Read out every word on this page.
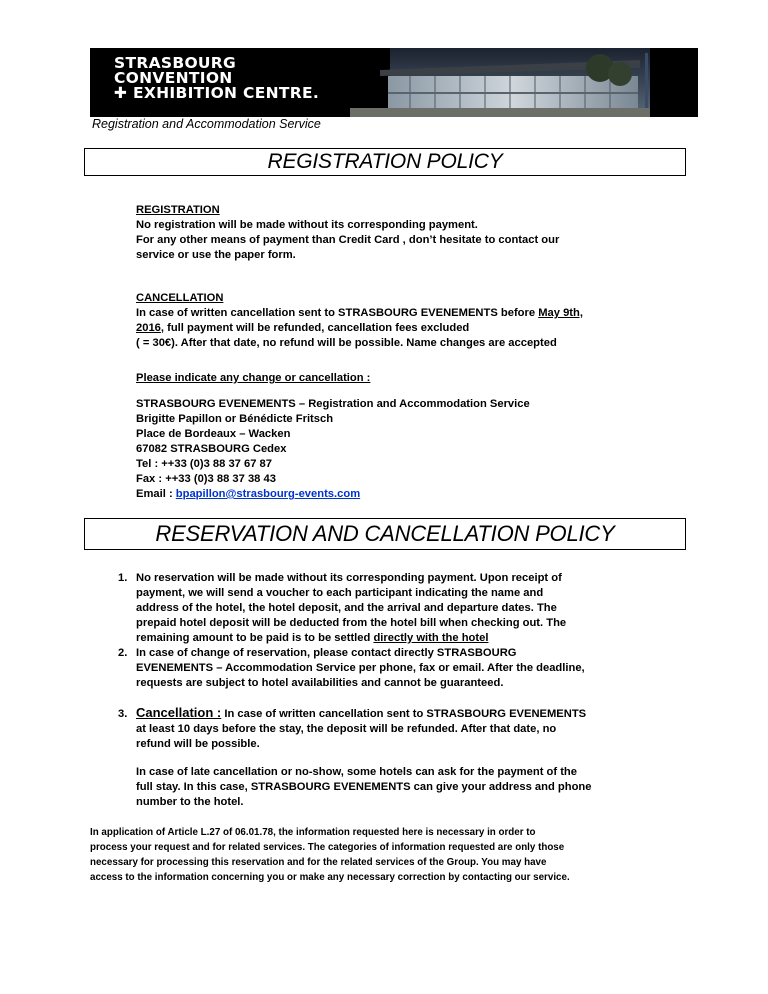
STRASBOURG
CONVENTION
✚ EXHIBITION CENTRE.
Registration and Accommodation Service
REGISTRATION POLICY
REGISTRATION
No registration will be made without its corresponding payment.
For any other means of payment than Credit Card , don’t hesitate to contact our
service or use the paper form.
CANCELLATION
In case of written cancellation sent to STRASBOURG EVENEMENTS before May 9th,
2016, full payment will be refunded, cancellation fees excluded
( = 30€). After that date, no refund will be possible. Name changes are accepted
Please indicate any change or cancellation :
STRASBOURG EVENEMENTS – Registration and Accommodation Service
Brigitte Papillon or Bénédicte Fritsch
Place de Bordeaux – Wacken
67082 STRASBOURG Cedex
Tel : ++33 (0)3 88 37 67 87
Fax : ++33 (0)3 88 37 38 43
Email : bpapillon@strasbourg-events.com
RESERVATION AND CANCELLATION POLICY
1. No reservation will be made without its corresponding payment. Upon receipt of
payment, we will send a voucher to each participant indicating the name and
address of the hotel, the hotel deposit, and the arrival and departure dates. The
prepaid hotel deposit will be deducted from the hotel bill when checking out. The
remaining amount to be paid is to be settled directly with the hotel
2. In case of change of reservation, please contact directly STRASBOURG
EVENEMENTS – Accommodation Service per phone, fax or email. After the deadline,
requests are subject to hotel availabilities and cannot be guaranteed.
3. Cancellation : In case of written cancellation sent to STRASBOURG EVENEMENTS
at least 10 days before the stay, the deposit will be refunded. After that date, no
refund will be possible.
In case of late cancellation or no-show, some hotels can ask for the payment of the
full stay. In this case, STRASBOURG EVENEMENTS can give your address and phone
number to the hotel.
In application of Article L.27 of 06.01.78, the information requested here is necessary in order to
process your request and for related services. The categories of information requested are only those
necessary for processing this reservation and for the related services of the Group. You may have
access to the information concerning you or make any necessary correction by contacting our service.
